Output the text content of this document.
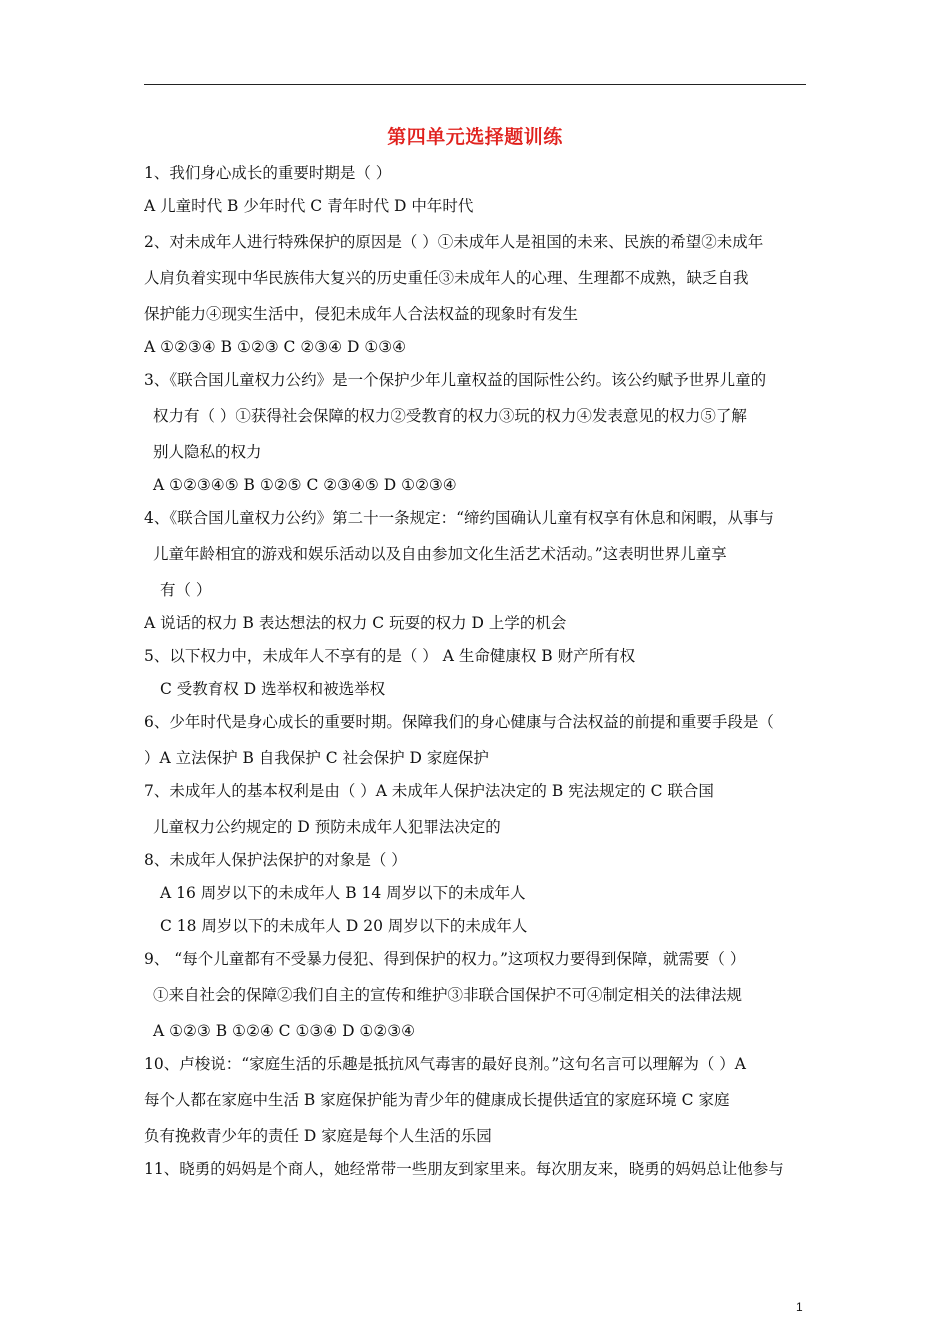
第四单元选择题训练
1、我们身心成长的重要时期是（ ）
A 儿童时代 B 少年时代 C 青年时代 D 中年时代
2、对未成年人进行特殊保护的原因是（ ）①未成年人是祖国的未来、民族的希望②未成年
人肩负着实现中华民族伟大复兴的历史重任③未成年人的心理、生理都不成熟，缺乏自我
保护能力④现实生活中，侵犯未成年人合法权益的现象时有发生
A ①②③④ B ①②③ C ②③④ D ①③④
3、《联合国儿童权力公约》是一个保护少年儿童权益的国际性公约。该公约赋予世界儿童的
权力有（ ）①获得社会保障的权力②受教育的权力③玩的权力④发表意见的权力⑤了解
别人隐私的权力
A ①②③④⑤ B ①②⑤ C ②③④⑤ D ①②③④
4、《联合国儿童权力公约》第二十一条规定：“缔约国确认儿童有权享有休息和闲暇，从事与
儿童年龄相宜的游戏和娱乐活动以及自由参加文化生活艺术活动。”这表明世界儿童享
有（ ）
A 说话的权力 B 表达想法的权力 C 玩耍的权力 D 上学的机会
5、以下权力中，未成年人不享有的是（ ） A 生命健康权 B 财产所有权
C 受教育权 D 选举权和被选举权
6、少年时代是身心成长的重要时期。保障我们的身心健康与合法权益的前提和重要手段是（
）A 立法保护 B 自我保护 C 社会保护 D 家庭保护
7、未成年人的基本权利是由（ ）A 未成年人保护法决定的 B 宪法规定的 C 联合国
儿童权力公约规定的 D 预防未成年人犯罪法决定的
8、未成年人保护法保护的对象是（ ）
A 16 周岁以下的未成年人 B 14 周岁以下的未成年人
C 18 周岁以下的未成年人 D 20 周岁以下的未成年人
9、 “每个儿童都有不受暴力侵犯、得到保护的权力。”这项权力要得到保障，就需要（ ）
①来自社会的保障②我们自主的宣传和维护③非联合国保护不可④制定相关的法律法规
A ①②③ B ①②④ C ①③④ D ①②③④
10、卢梭说：“家庭生活的乐趣是抵抗风气毒害的最好良剂。”这句名言可以理解为（ ）A
每个人都在家庭中生活 B 家庭保护能为青少年的健康成长提供适宜的家庭环境 C 家庭
负有挽救青少年的责任 D 家庭是每个人生活的乐园
11、晓勇的妈妈是个商人，她经常带一些朋友到家里来。每次朋友来，晓勇的妈妈总让他参与
1
